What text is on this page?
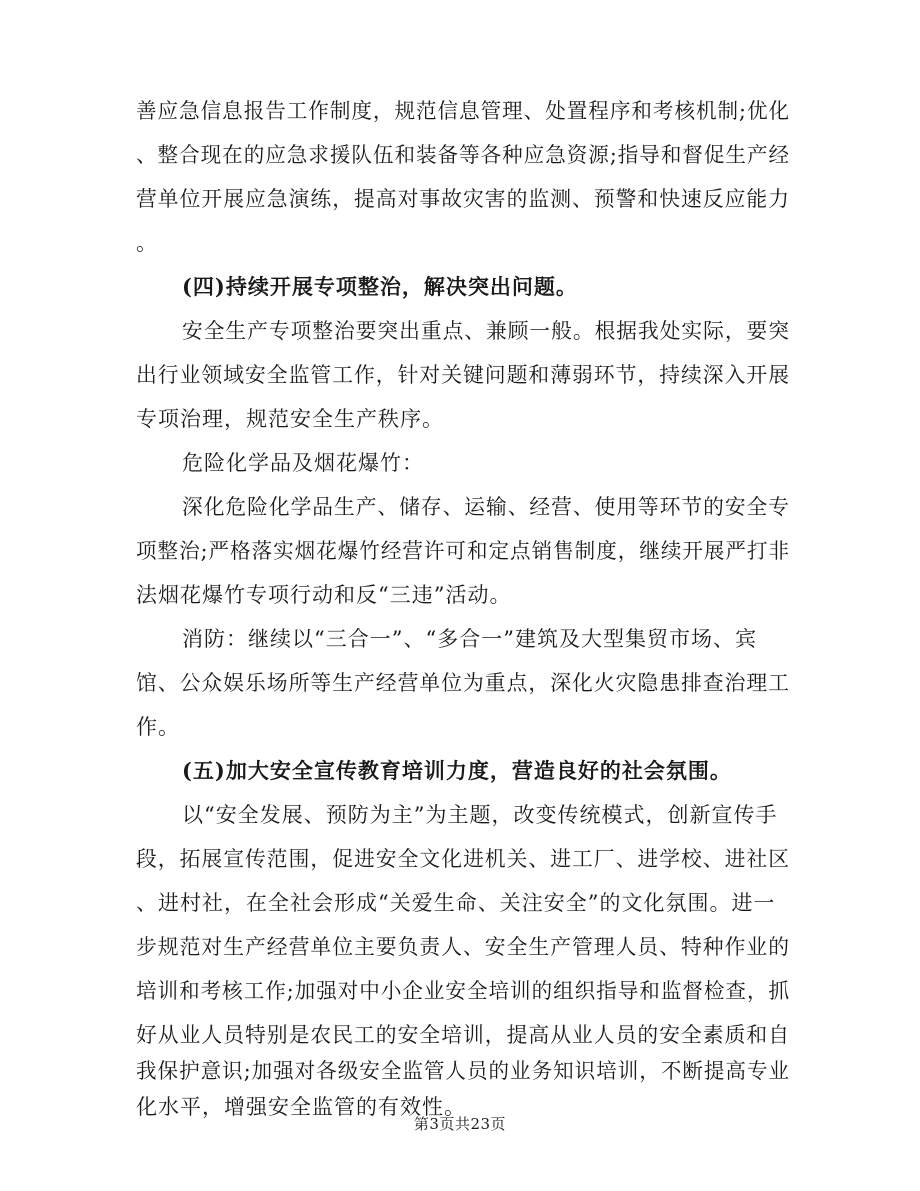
善应急信息报告工作制度，规范信息管理、处置程序和考核机制;优化
、整合现在的应急求援队伍和装备等各种应急资源;指导和督促生产经
营单位开展应急演练，提高对事故灾害的监测、预警和快速反应能力
。
(四)持续开展专项整治，解决突出问题。
安全生产专项整治要突出重点、兼顾一般。根据我处实际，要突
出行业领域安全监管工作，针对关键问题和薄弱环节，持续深入开展
专项治理，规范安全生产秩序。
危险化学品及烟花爆竹：
深化危险化学品生产、储存、运输、经营、使用等环节的安全专
项整治;严格落实烟花爆竹经营许可和定点销售制度，继续开展严打非
法烟花爆竹专项行动和反“三违”活动。
消防：继续以“三合一”、“多合一”建筑及大型集贸市场、宾
馆、公众娱乐场所等生产经营单位为重点，深化火灾隐患排查治理工
作。
(五)加大安全宣传教育培训力度，营造良好的社会氛围。
以“安全发展、预防为主”为主题，改变传统模式，创新宣传手
段，拓展宣传范围，促进安全文化进机关、进工厂、进学校、进社区
、进村社，在全社会形成“关爱生命、关注安全”的文化氛围。进一
步规范对生产经营单位主要负责人、安全生产管理人员、特种作业的
培训和考核工作;加强对中小企业安全培训的组织指导和监督检查，抓
好从业人员特别是农民工的安全培训，提高从业人员的安全素质和自
我保护意识;加强对各级安全监管人员的业务知识培训，不断提高专业
化水平，增强安全监管的有效性。
第3页共23页
